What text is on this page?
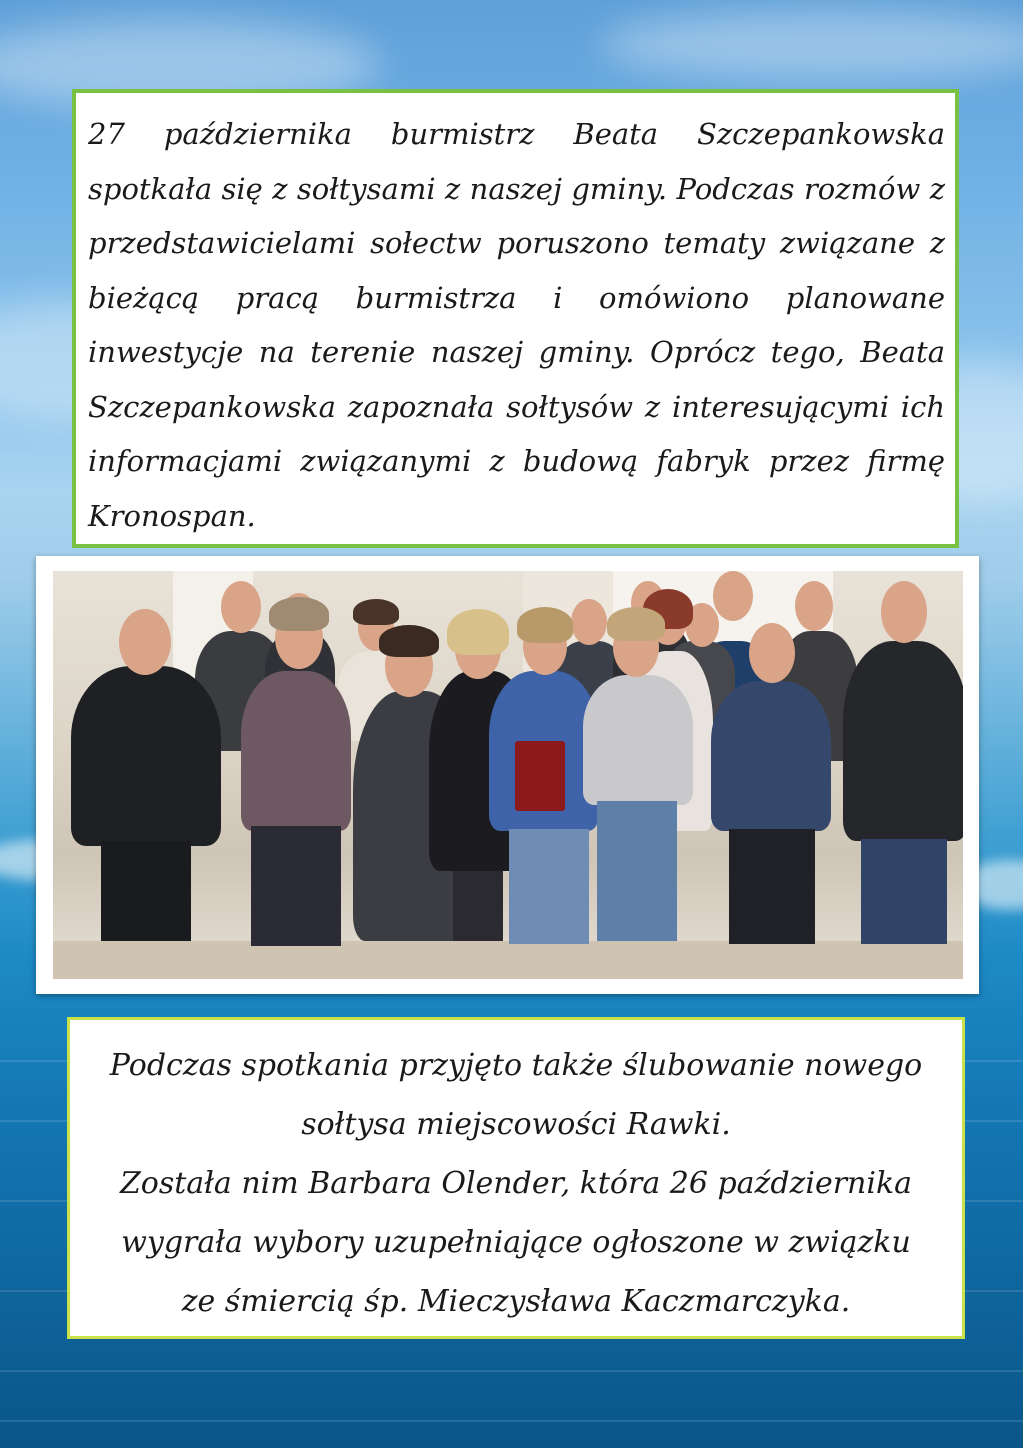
27 października burmistrz Beata Szczepankowska spotkała się z sołtysami z naszej gminy. Podczas rozmów z przedstawicielami sołectw poruszono tematy związane z bieżącą pracą burmistrza i omówiono planowane inwestycje na terenie naszej gminy. Oprócz tego, Beata Szczepankowska zapoznała sołtysów z interesującymi ich informacjami związanymi z budową fabryk przez firmę Kronospan.
Podczas spotkania przyjęto także ślubowanie nowego
sołtysa miejscowości Rawki.
Została nim Barbara Olender, która 26 października
wygrała wybory uzupełniające ogłoszone w związku
ze śmiercią śp. Mieczysława Kaczmarczyka.
